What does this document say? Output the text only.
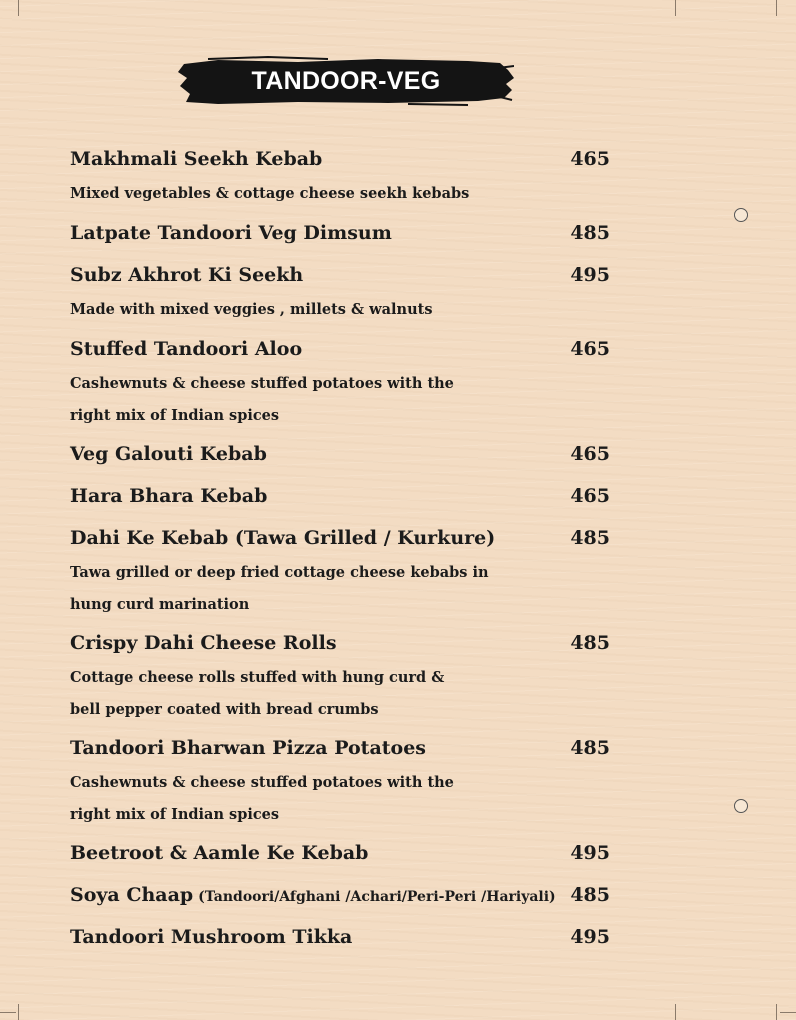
TANDOOR-VEG
Makhmali Seekh Kebab	465
Mixed vegetables & cottage cheese seekh kebabs
Latpate Tandoori Veg Dimsum	485
Subz Akhrot Ki Seekh	495
Made with mixed veggies , millets & walnuts
Stuffed Tandoori Aloo	465
Cashewnuts & cheese stuffed potatoes with the
right mix of Indian spices
Veg Galouti Kebab	465
Hara Bhara Kebab	465
Dahi Ke Kebab (Tawa Grilled / Kurkure)	485
Tawa grilled or deep fried cottage cheese kebabs in
hung curd marination
Crispy Dahi Cheese Rolls	485
Cottage cheese rolls stuffed with hung curd &
bell pepper coated with bread crumbs
Tandoori Bharwan Pizza Potatoes	485
Cashewnuts & cheese stuffed potatoes with the
right mix of Indian spices
Beetroot & Aamle Ke Kebab	495
Soya Chaap (Tandoori/Afghani /Achari/Peri-Peri /Hariyali) 485
Tandoori Mushroom Tikka	495
